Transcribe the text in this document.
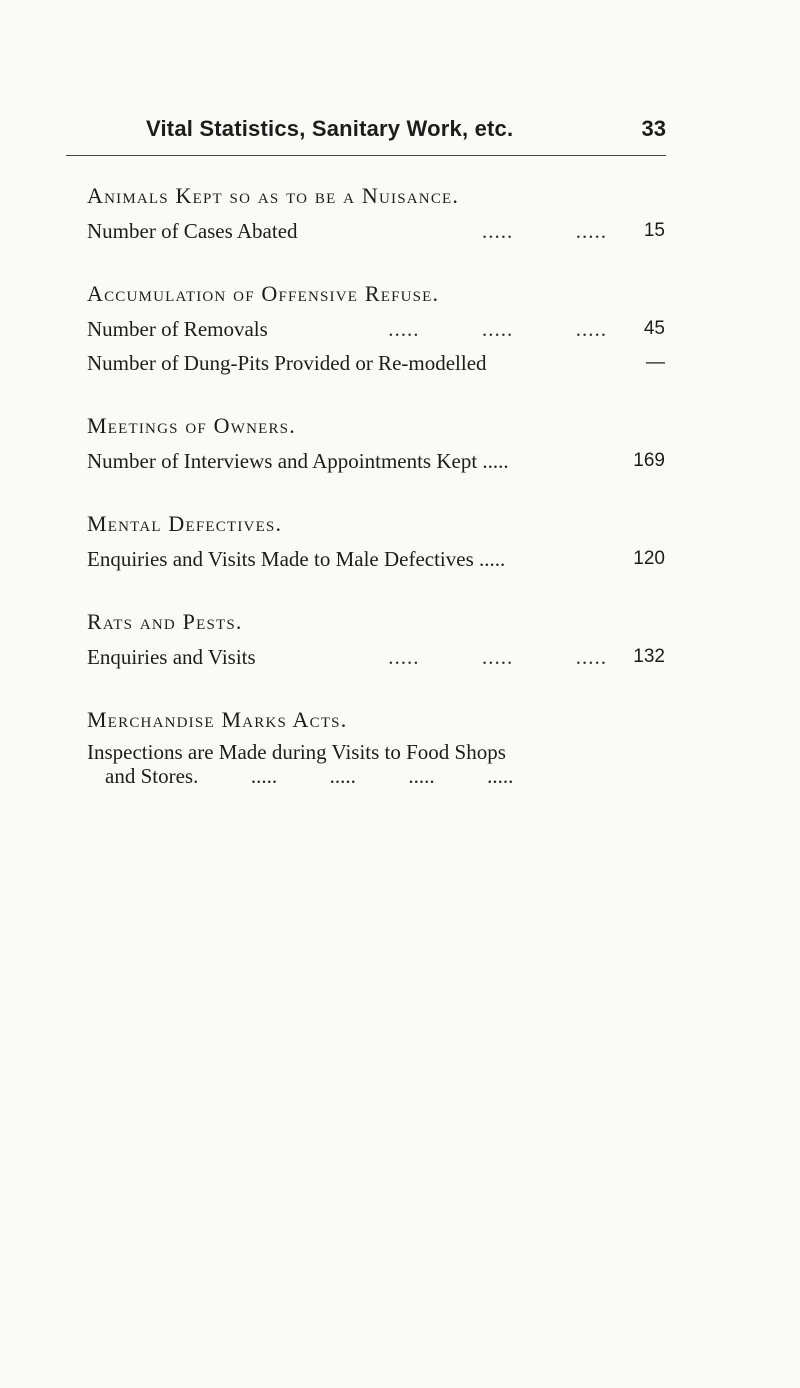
Vital Statistics, Sanitary Work, etc.	33
Animals Kept so as to be a Nuisance.
Number of Cases Abated	.....          ..... 15
Accumulation of Offensive Refuse.
Number of Removals	.....          .....          ..... 45
Number of Dung-Pits Provided or Re-modelled	—
Meetings of Owners.
Number of Interviews and Appointments Kept .....	169
Mental Defectives.
Enquiries and Visits Made to Male Defectives .....	120
Rats and Pests.
Enquiries and Visits	.....          .....          ..... 132
Merchandise Marks Acts.
Inspections are Made during Visits to Food Shops
and Stores.          .....          .....          .....          .....
